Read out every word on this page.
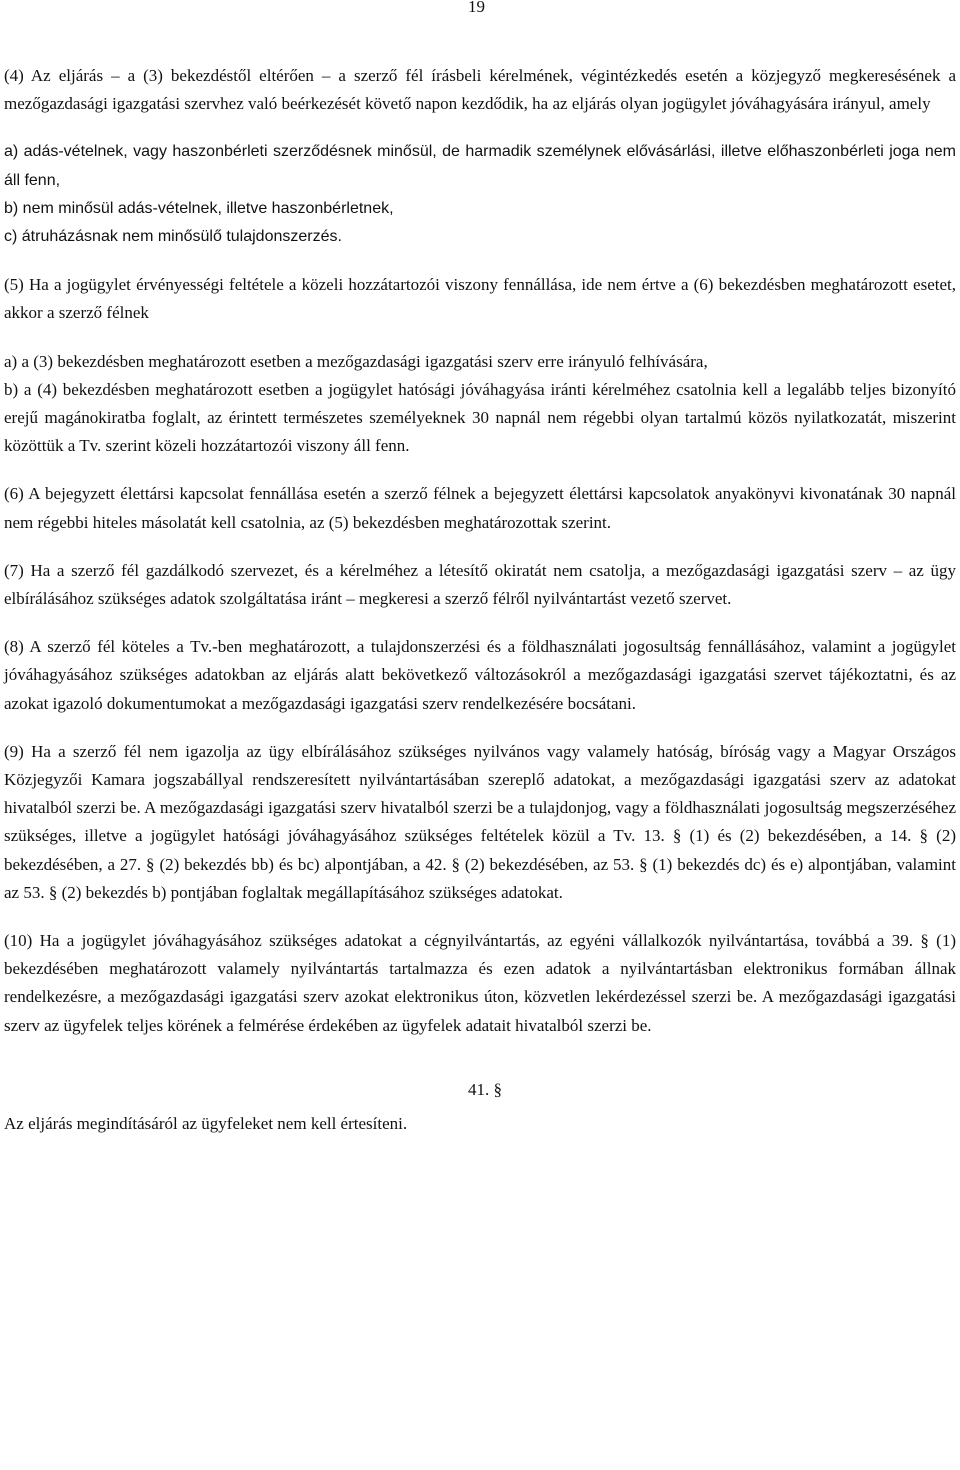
19

(4) Az eljárás – a (3) bekezdéstől eltérően – a szerző fél írásbeli kérelmének, végintézkedés esetén a közjegyző megkeresésének a mezőgazdasági igazgatási szervhez való beérkezését követő napon kezdődik, ha az eljárás olyan jogügylet jóváhagyására irányul, amely

a) adás-vételnek, vagy haszonbérleti szerződésnek minősül, de harmadik személynek elővásárlási, illetve előhaszonbérleti joga nem áll fenn,

b) nem minősül adás-vételnek, illetve haszonbérletnek,

c) átruházásnak nem minősülő tulajdonszerzés.

(5) Ha a jogügylet érvényességi feltétele a közeli hozzátartozói viszony fennállása, ide nem értve a (6) bekezdésben meghatározott esetet, akkor a szerző félnek

a) a (3) bekezdésben meghatározott esetben a mezőgazdasági igazgatási szerv erre irányuló felhívására,

b) a (4) bekezdésben meghatározott esetben a jogügylet hatósági jóváhagyása iránti kérelméhez csatolnia kell a legalább teljes bizonyító erejű magánokiratba foglalt, az érintett természetes személyeknek 30 napnál nem régebbi olyan tartalmú közös nyilatkozatát, miszerint közöttük a Tv. szerint közeli hozzátartozói viszony áll fenn.

(6) A bejegyzett élettársi kapcsolat fennállása esetén a szerző félnek a bejegyzett élettársi kapcsolatok anyakönyvi kivonatának 30 napnál nem régebbi hiteles másolatát kell csatolnia, az (5) bekezdésben meghatározottak szerint.

(7) Ha a szerző fél gazdálkodó szervezet, és a kérelméhez a létesítő okiratát nem csatolja, a mezőgazdasági igazgatási szerv – az ügy elbírálásához szükséges adatok szolgáltatása iránt – megkeresi a szerző félről nyilvántartást vezető szervet.

(8) A szerző fél köteles a Tv.-ben meghatározott, a tulajdonszerzési és a földhasználati jogosultság fennállásához, valamint a jogügylet jóváhagyásához szükséges adatokban az eljárás alatt bekövetkező változásokról a mezőgazdasági igazgatási szervet tájékoztatni, és az azokat igazoló dokumentumokat a mezőgazdasági igazgatási szerv rendelkezésére bocsátani.

(9) Ha a szerző fél nem igazolja az ügy elbírálásához szükséges nyilvános vagy valamely hatóság, bíróság vagy a Magyar Országos Közjegyzői Kamara jogszabállyal rendszeresített nyilvántartásában szereplő adatokat, a mezőgazdasági igazgatási szerv az adatokat hivatalból szerzi be. A mezőgazdasági igazgatási szerv hivatalból szerzi be a tulajdonjog, vagy a földhasználati jogosultság megszerzéséhez szükséges, illetve a jogügylet hatósági jóváhagyásához szükséges feltételek közül a Tv. 13. § (1) és (2) bekezdésében, a 14. § (2) bekezdésében, a 27. § (2) bekezdés bb) és bc) alpontjában, a 42. § (2) bekezdésében, az 53. § (1) bekezdés dc) és e) alpontjában, valamint az 53. § (2) bekezdés b) pontjában foglaltak megállapításához szükséges adatokat.

(10) Ha a jogügylet jóváhagyásához szükséges adatokat a cégnyilvántartás, az egyéni vállalkozók nyilvántartása, továbbá a 39. § (1) bekezdésében meghatározott valamely nyilvántartás tartalmazza és ezen adatok a nyilvántartásban elektronikus formában állnak rendelkezésre, a mezőgazdasági igazgatási szerv azokat elektronikus úton, közvetlen lekérdezéssel szerzi be. A mezőgazdasági igazgatási szerv az ügyfelek teljes körének a felmérése érdekében az ügyfelek adatait hivatalból szerzi be.

41. §

Az eljárás megindításáról az ügyfeleket nem kell értesíteni.
